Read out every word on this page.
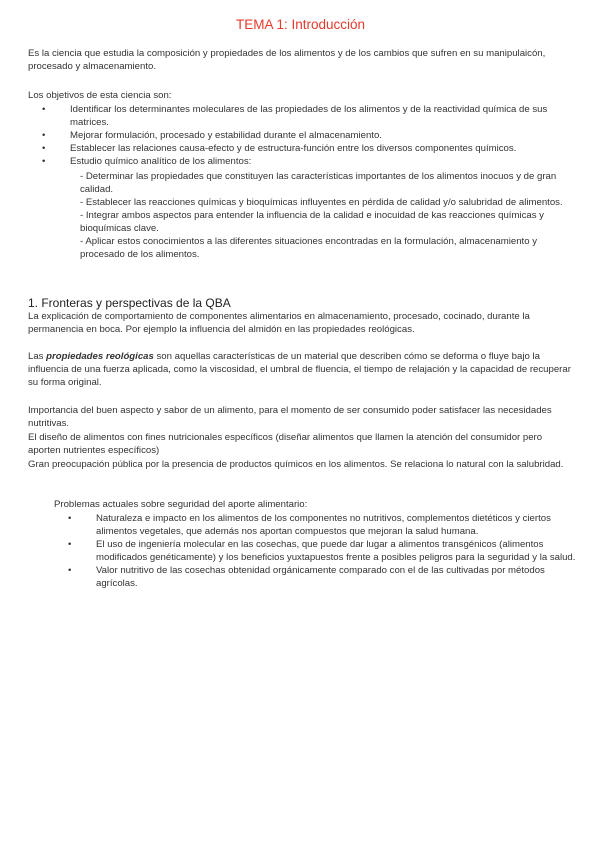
TEMA 1: Introducción

Es la ciencia que estudia la composición y propiedades de los alimentos y de los cambios que sufren en su manipulaicón, procesado y almacenamiento.

Los objetivos de esta ciencia son:

• Identificar los determinantes moleculares de las propiedades de los alimentos y de la reactividad química de sus matrices.
• Mejorar formulación, procesado y estabilidad durante el almacenamiento.
• Establecer las relaciones causa-efecto y de estructura-función entre los diversos componentes químicos.
• Estudio químico analítico de los alimentos:
- Determinar las propiedades que constituyen las características importantes de los alimentos inocuos y de gran calidad.
- Establecer las reacciones químicas y bioquímicas influyentes en pérdida de calidad y/o salubridad de alimentos.
- Integrar ambos aspectos para entender la influencia de la calidad e inocuidad de kas reacciones químicas y bioquímicas clave.
- Aplicar estos conocimientos a las diferentes situaciones encontradas en la formulación, almacenamiento y procesado de los alimentos.
1. Fronteras y perspectivas de la QBA

La explicación de comportamiento de componentes alimentarios en almacenamiento, procesado, cocinado, durante la permanencia en boca. Por ejemplo la influencia del almidón en las propiedades reológicas.

Las propiedades reológicas son aquellas características de un material que describen cómo se deforma o fluye bajo la influencia de una fuerza aplicada, como la viscosidad, el umbral de fluencia, el tiempo de relajación y la capacidad de recuperar su forma original.

Importancia del buen aspecto y sabor de un alimento, para el momento de ser consumido poder satisfacer las necesidades nutritivas.

El diseño de alimentos con fines nutricionales específicos (diseñar alimentos que llamen la atención del consumidor pero aporten nutrientes específicos)

Gran preocupación pública por la presencia de productos químicos en los alimentos. Se relaciona lo natural con la salubridad.

Problemas actuales sobre seguridad del aporte alimentario:
• Naturaleza e impacto en los alimentos de los componentes no nutritivos, complementos dietéticos y ciertos alimentos vegetales, que además nos aportan compuestos que mejoran la salud humana.
• El uso de ingeniería molecular en las cosechas, que puede dar lugar a alimentos transgénicos (alimentos modificados genéticamente) y los beneficios yuxtapuestos frente a posibles peligros para la seguridad y la salud.
• Valor nutritivo de las cosechas obtenidad orgánicamente comparado con el de las cultivadas por métodos agrícolas.
